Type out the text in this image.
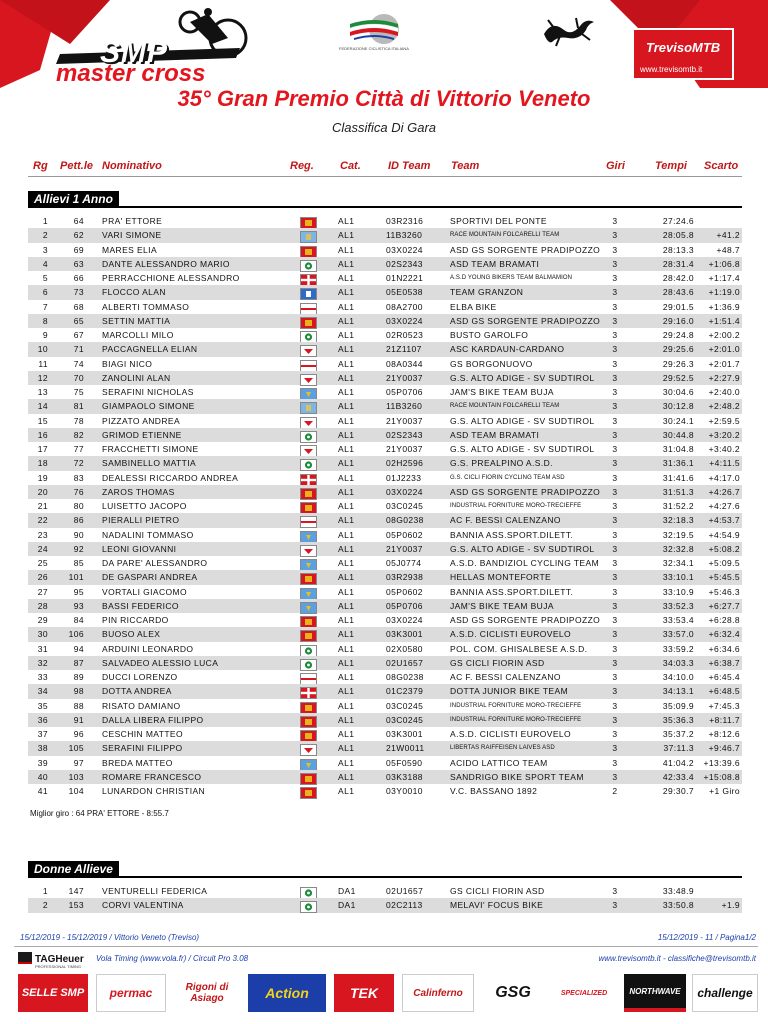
SELLE
SMP
master cross
FEDERAZIONE CICLISTICA ITALIANA	TrevisoMTB
www.trevisomtb.it
35° Gran Premio Città di Vittorio Veneto
Classifica Di Gara
Rg Pett.le Nominativo	Reg. Cat. ID Team Team	Giri	Tempi Scarto
Allievi 1 Anno
1	64 PRA' ETTORE	AL1	03R2316	SPORTIVI DEL PONTE	3	27:24.6
2	62 VARI SIMONE	AL1	11B3260	RACE MOUNTAIN FOLCARELLI TEAM	3	28:05.8	+41.2
3	69 MARES ELIA	AL1	03X0224	ASD GS SORGENTE PRADIPOZZO	3	28:13.3	+48.7
4	63 DANTE ALESSANDRO MARIO	AL1	02S2343	ASD TEAM BRAMATI	3	28:31.4	+1:06.8
5	66 PERRACCHIONE ALESSANDRO	AL1	01N2221	A.S.D YOUNG BIKERS TEAM BALMAMION	3	28:42.0	+1:17.4
6	73 FLOCCO ALAN	AL1	05E0538	TEAM GRANZON	3	28:43.6	+1:19.0
7	68 ALBERTI TOMMASO	AL1	08A2700	ELBA BIKE	3	29:01.5	+1:36.9
8	65 SETTIN MATTIA	AL1	03X0224	ASD GS SORGENTE PRADIPOZZO	3	29:16.0	+1:51.4
9	67 MARCOLLI MILO	AL1	02R0523	BUSTO GAROLFO	3	29:24.8	+2:00.2
10	71 PACCAGNELLA ELIAN	AL1	21Z1107	ASC KARDAUN-CARDANO	3	29:25.6	+2:01.0
11	74 BIAGI NICO	AL1	08A0344	GS BORGONUOVO	3	29:26.3	+2:01.7
12	70 ZANOLINI ALAN	AL1	21Y0037	G.S. ALTO ADIGE - SV SUDTIROL	3	29:52.5	+2:27.9
13	75 SERAFINI NICHOLAS	AL1	05P0706	JAM'S BIKE TEAM BUJA	3	30:04.6	+2:40.0
14	81 GIAMPAOLO SIMONE	AL1	11B3260	RACE MOUNTAIN FOLCARELLI TEAM	3	30:12.8	+2:48.2
15	78 PIZZATO ANDREA	AL1	21Y0037	G.S. ALTO ADIGE - SV SUDTIROL	3	30:24.1	+2:59.5
16	82 GRIMOD ETIENNE	AL1	02S2343	ASD TEAM BRAMATI	3	30:44.8	+3:20.2
17	77 FRACCHETTI SIMONE	AL1	21Y0037	G.S. ALTO ADIGE - SV SUDTIROL	3	31:04.8	+3:40.2
18	72 SAMBINELLO MATTIA	AL1	02H2596	G.S. PREALPINO A.S.D.	3	31:36.1	+4:11.5
19	83 DEALESSI RICCARDO ANDREA	AL1	01J2233	G.S. CICLI FIORIN CYCLING TEAM ASD	3	31:41.6	+4:17.0
20	76 ZAROS THOMAS	AL1	03X0224	ASD GS SORGENTE PRADIPOZZO	3	31:51.3	+4:26.7
21	80 LUISETTO JACOPO	AL1	03C0245	INDUSTRIAL FORNITURE MORO-TRECIEFFE	3	31:52.2	+4:27.6
22	86 PIERALLI PIETRO	AL1	08G0238	AC F. BESSI CALENZANO	3	32:18.3	+4:53.7
23	90 NADALINI TOMMASO	AL1	05P0602	BANNIA ASS.SPORT.DILETT.	3	32:19.5	+4:54.9
24	92 LEONI GIOVANNI	AL1	21Y0037	G.S. ALTO ADIGE - SV SUDTIROL	3	32:32.8	+5:08.2
25	85 DA PARE' ALESSANDRO	AL1	05J0774	A.S.D. BANDIZIOL CYCLING TEAM	3	32:34.1	+5:09.5
26	101 DE GASPARI ANDREA	AL1	03R2938	HELLAS MONTEFORTE	3	33:10.1	+5:45.5
27	95 VORTALI GIACOMO	AL1	05P0602	BANNIA ASS.SPORT.DILETT.	3	33:10.9	+5:46.3
28	93 BASSI FEDERICO	AL1	05P0706	JAM'S BIKE TEAM BUJA	3	33:52.3	+6:27.7
29	84 PIN RICCARDO	AL1	03X0224	ASD GS SORGENTE PRADIPOZZO	3	33:53.4	+6:28.8
30	106 BUOSO ALEX	AL1	03K3001	A.S.D. CICLISTI EUROVELO	3	33:57.0	+6:32.4
31	94 ARDUINI LEONARDO	AL1	02X0580	POL. COM. GHISALBESE A.S.D.	3	33:59.2	+6:34.6
32	87 SALVADEO ALESSIO LUCA	AL1	02U1657	GS CICLI FIORIN ASD	3	34:03.3	+6:38.7
33	89 DUCCI LORENZO	AL1	08G0238	AC F. BESSI CALENZANO	3	34:10.0	+6:45.4
34	98 DOTTA ANDREA	AL1	01C2379	DOTTA JUNIOR BIKE TEAM	3	34:13.1	+6:48.5
35	88 RISATO DAMIANO	AL1	03C0245	INDUSTRIAL FORNITURE MORO-TRECIEFFE	3	35:09.9	+7:45.3
36	91 DALLA LIBERA FILIPPO	AL1	03C0245	INDUSTRIAL FORNITURE MORO-TRECIEFFE	3	35:36.3	+8:11.7
37	96 CESCHIN MATTEO	AL1	03K3001	A.S.D. CICLISTI EUROVELO	3	35:37.2	+8:12.6
38	105 SERAFINI FILIPPO	AL1	21W0011	LIBERTAS RAIFFEISEN LAIVES ASD	3	37:11.3	+9:46.7
39	97 BREDA MATTEO	AL1	05F0590	ACIDO LATTICO TEAM	3	41:04.2	+13:39.6
40	103 ROMARE FRANCESCO	AL1	03K3188	SANDRIGO BIKE SPORT TEAM	3	42:33.4	+15:08.8
41	104 LUNARDON CHRISTIAN	AL1	03Y0010	V.C. BASSANO 1892	2	29:30.7	+1 Giro
Miglior giro : 64 PRA' ETTORE - 8:55.7
Donne Allieve
1	147 VENTURELLI FEDERICA	DA1	02U1657	GS CICLI FIORIN ASD	3	33:48.9
2	153 CORVI VALENTINA	DA1	02C2113	MELAVI' FOCUS BIKE	3	33:50.8	+1.9
15/12/2019 - 15/12/2019 / Vittorio Veneto (Treviso)	15/12/2019 - 11 / Pagina1/2
TAGHeuer
PROFESSIONAL TIMING
Vola Timing (www.vola.fr) / Circuit Pro 3.08	www.trevisomtb.it - classifiche@trevisomtb.it
SELLE SMP	permac	Rigoni di Asiago	Action	TEK	Calinferno	GSG	SPECIALIZED	NORTHWAVE	challenge
